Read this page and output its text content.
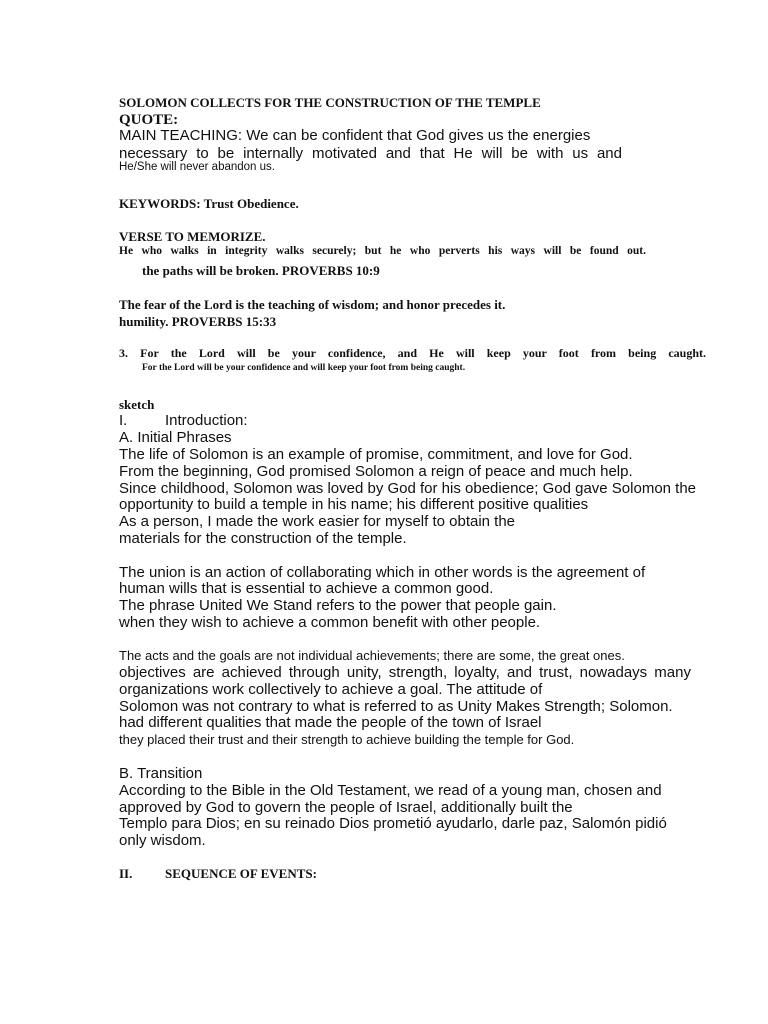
SOLOMON COLLECTS FOR THE CONSTRUCTION OF THE TEMPLE
QUOTE:
MAIN TEACHING: We can be confident that God gives us the energies
necessary to be internally motivated and that He will be with us and
He/She will never abandon us.
KEYWORDS: Trust Obedience.
VERSE TO MEMORIZE.
He who walks in integrity walks securely; but he who perverts his ways will be found out.
the paths will be broken. PROVERBS 10:9
The fear of the Lord is the teaching of wisdom; and honor precedes it.
humility. PROVERBS 15:33
3. For the Lord will be your confidence, and He will keep your foot from being caught.
For the Lord will be your confidence and will keep your foot from being caught.
sketch
I.	Introduction:
A. Initial Phrases
The life of Solomon is an example of promise, commitment, and love for God.
From the beginning, God promised Solomon a reign of peace and much help.
Since childhood, Solomon was loved by God for his obedience; God gave Solomon the
opportunity to build a temple in his name; his different positive qualities
As a person, I made the work easier for myself to obtain the
materials for the construction of the temple.
The union is an action of collaborating which in other words is the agreement of
human wills that is essential to achieve a common good.
The phrase United We Stand refers to the power that people gain.
when they wish to achieve a common benefit with other people.
The acts and the goals are not individual achievements; there are some, the great ones.
objectives are achieved through unity, strength, loyalty, and trust, nowadays many
organizations work collectively to achieve a goal. The attitude of
Solomon was not contrary to what is referred to as Unity Makes Strength; Solomon.
had different qualities that made the people of the town of Israel
they placed their trust and their strength to achieve building the temple for God.
B. Transition
According to the Bible in the Old Testament, we read of a young man, chosen and
approved by God to govern the people of Israel, additionally built the
Templo para Dios; en su reinado Dios prometió ayudarlo, darle paz, Salomón pidió
only wisdom.
II.	SEQUENCE OF EVENTS:
